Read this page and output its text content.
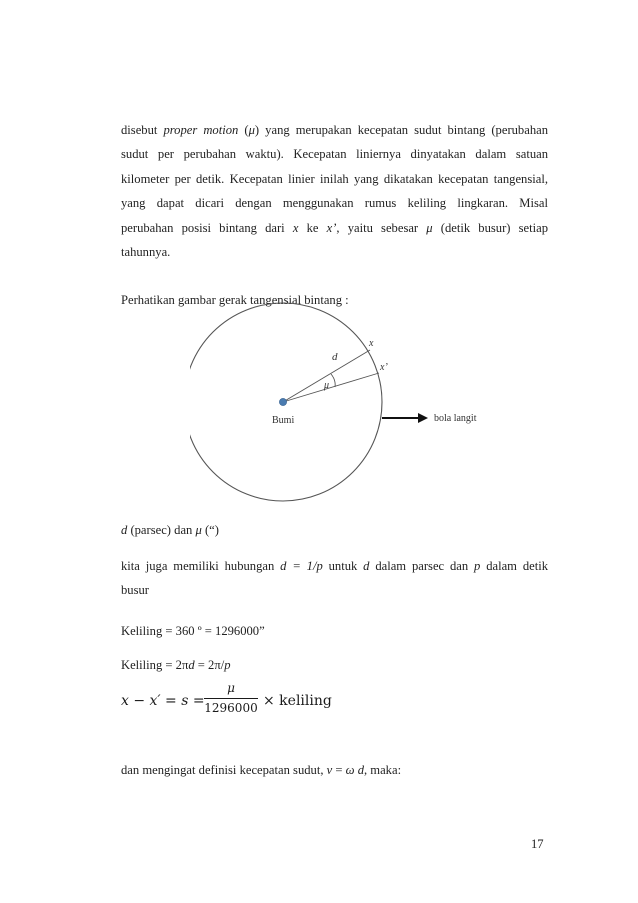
disebut proper motion (μ) yang merupakan kecepatan sudut bintang (perubahan
sudut per perubahan waktu). Kecepatan liniernya dinyatakan dalam satuan
kilometer per detik. Kecepatan linier inilah yang dikatakan kecepatan tangensial,
yang dapat dicari dengan menggunakan rumus keliling lingkaran. Misal
perubahan posisi bintang dari x ke x’, yaitu sebesar μ (detik busur) setiap
tahunnya.
Perhatikan gambar gerak tangensial bintang :
d
μ
x
x’
Bumi	bola langit
d (parsec) dan μ (“)
kita juga memiliki hubungan d = 1/p untuk d dalam parsec dan p dalam detik
busur
Keliling = 360 º = 1296000”
Keliling = 2πd = 2π/p
x − x′ = s =
μ
1296000 × keliling
dan mengingat definisi kecepatan sudut, v = ω d, maka:
17
